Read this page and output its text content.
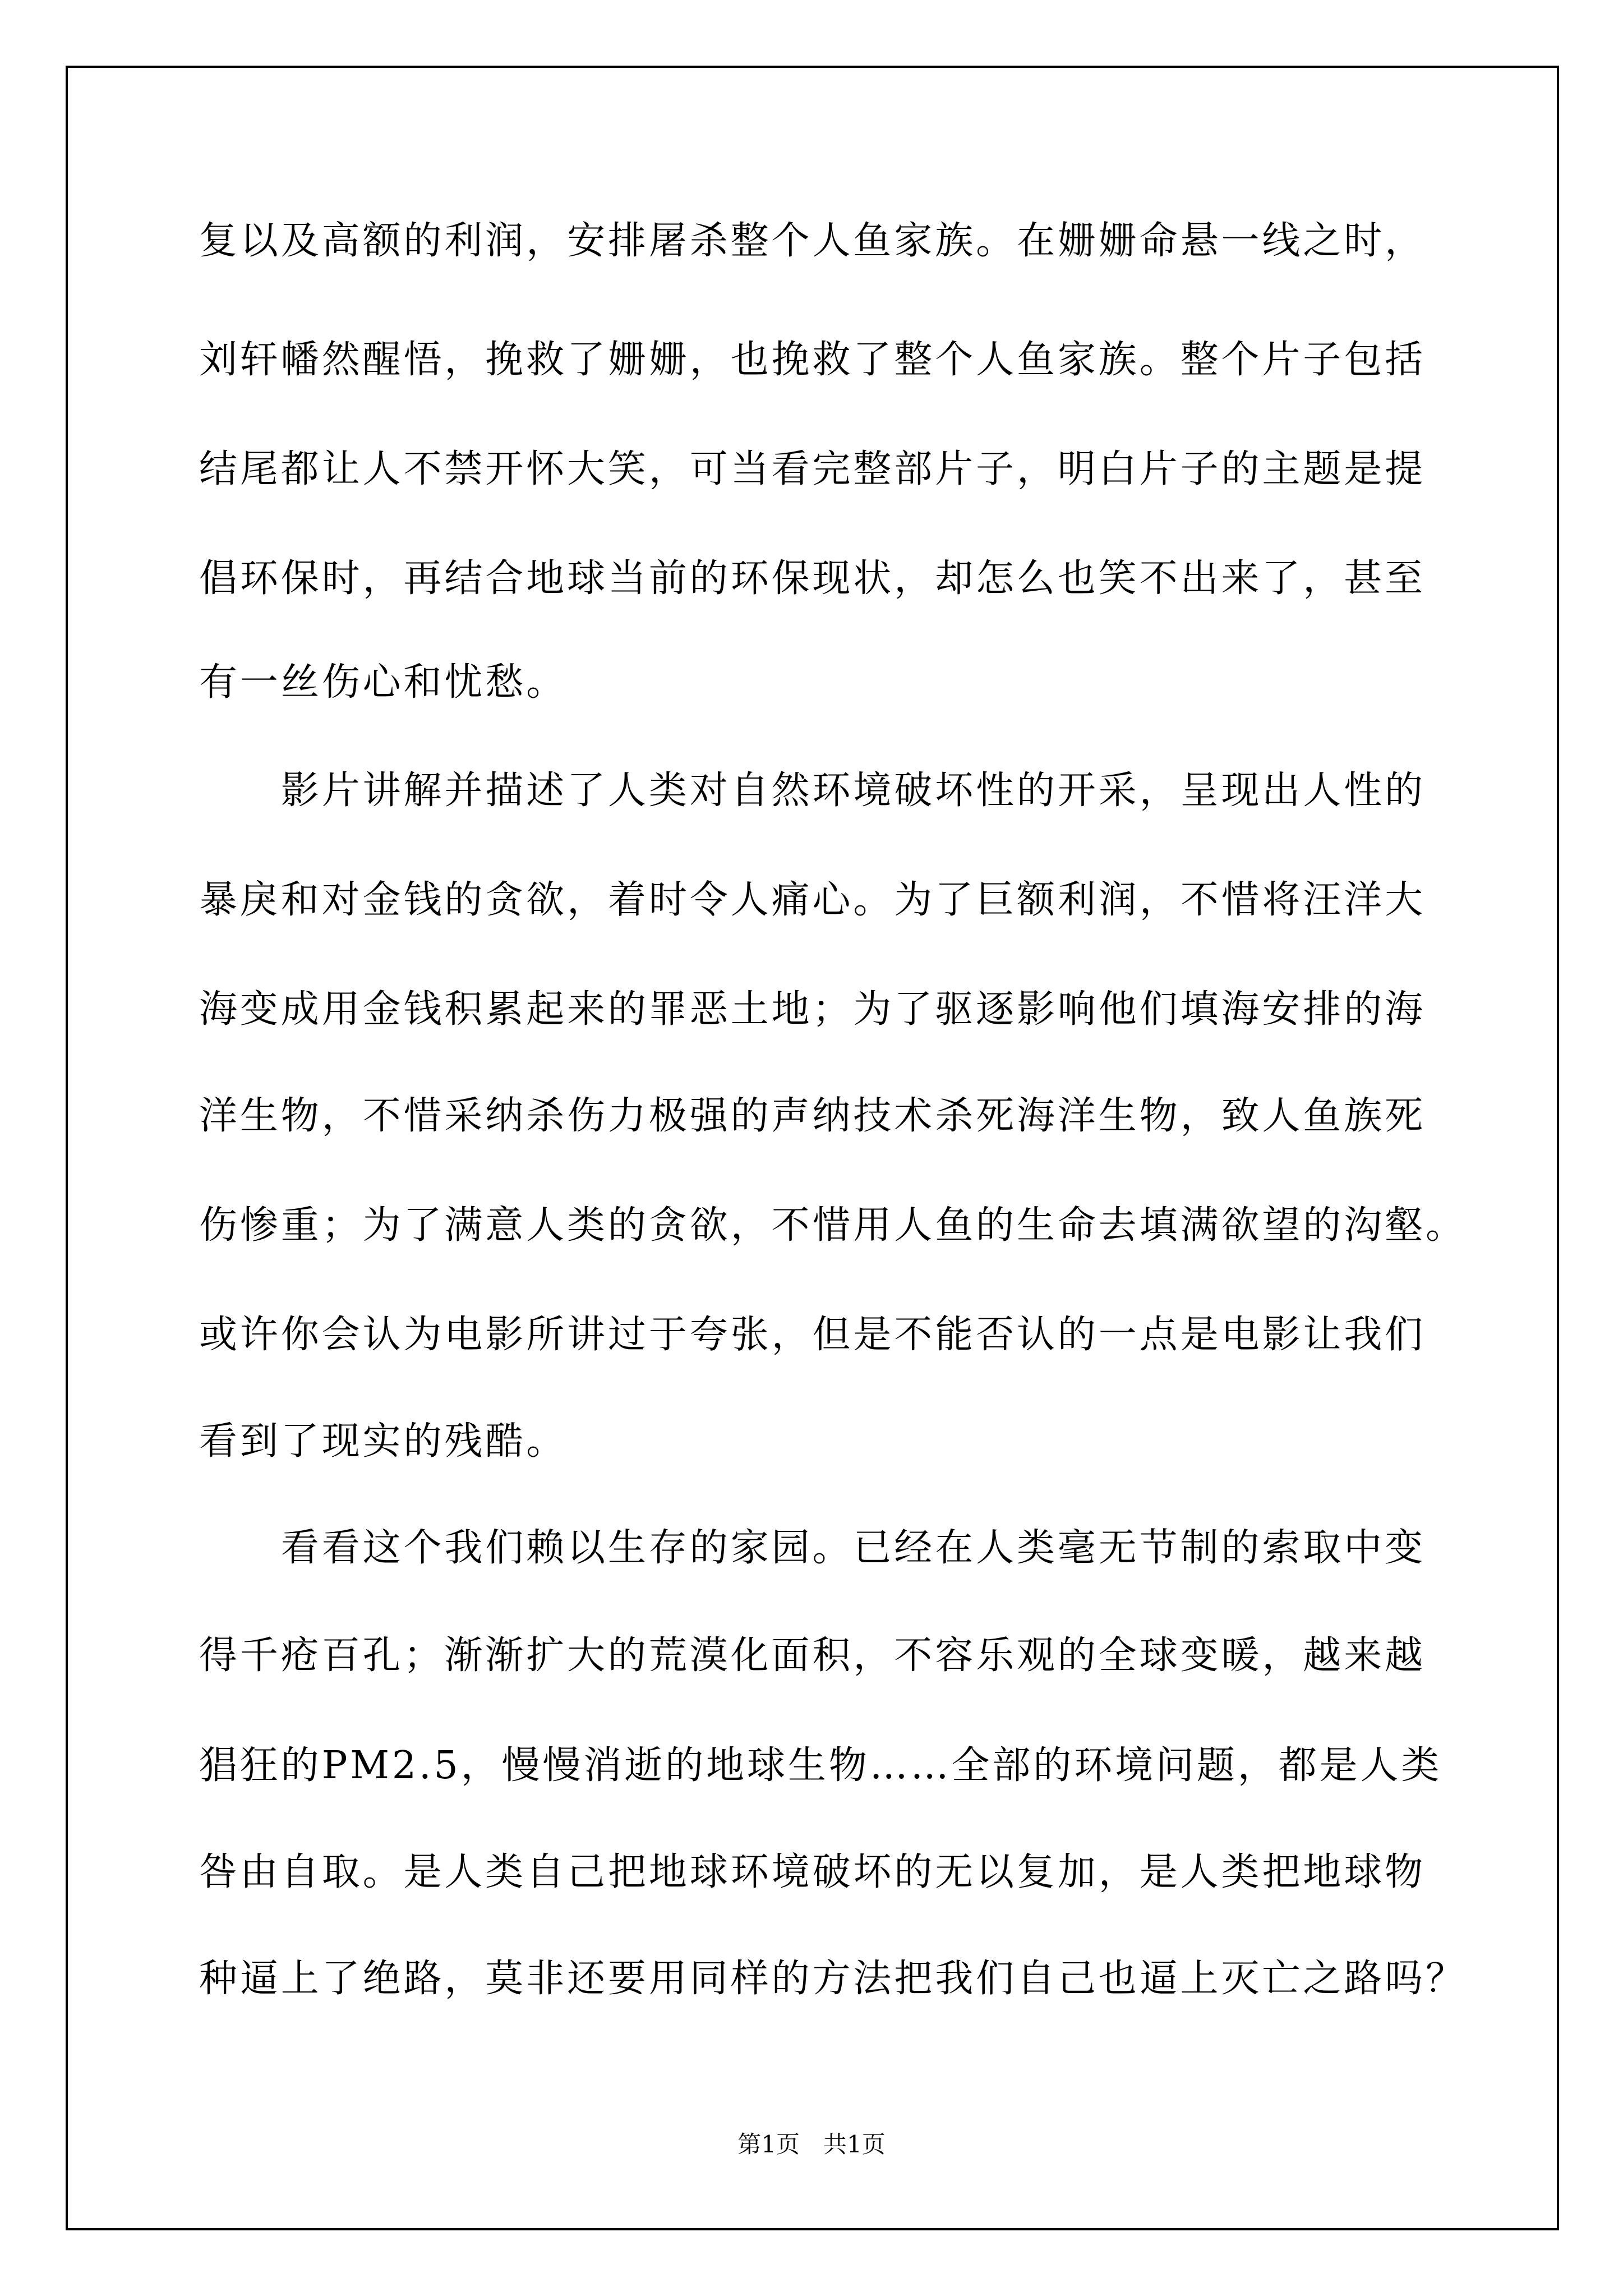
复以及高额的利润，安排屠杀整个人鱼家族。在姗姗命悬一线之时，
刘轩幡然醒悟，挽救了姗姗，也挽救了整个人鱼家族。整个片子包括
结尾都让人不禁开怀大笑，可当看完整部片子，明白片子的主题是提
倡环保时，再结合地球当前的环保现状，却怎么也笑不出来了，甚至
有一丝伤心和忧愁。
　　影片讲解并描述了人类对自然环境破坏性的开采，呈现出人性的
暴戾和对金钱的贪欲，着时令人痛心。为了巨额利润，不惜将汪洋大
海变成用金钱积累起来的罪恶土地；为了驱逐影响他们填海安排的海
洋生物，不惜采纳杀伤力极强的声纳技术杀死海洋生物，致人鱼族死
伤惨重；为了满意人类的贪欲，不惜用人鱼的生命去填满欲望的沟壑。
或许你会认为电影所讲过于夸张，但是不能否认的一点是电影让我们
看到了现实的残酷。
　　看看这个我们赖以生存的家园。已经在人类毫无节制的索取中变
得千疮百孔；渐渐扩大的荒漠化面积，不容乐观的全球变暖，越来越
猖狂的PM2.5，慢慢消逝的地球生物……全部的环境问题，都是人类
咎由自取。是人类自己把地球环境破坏的无以复加，是人类把地球物
种逼上了绝路，莫非还要用同样的方法把我们自己也逼上灭亡之路吗？
第1页　共1页
